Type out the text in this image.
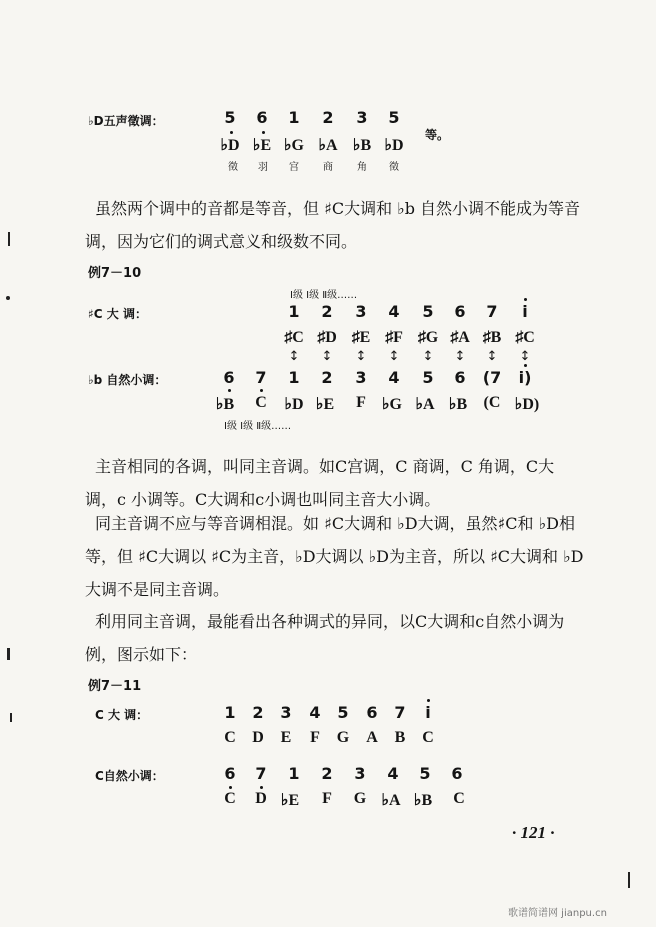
♭D五声徵调：	5	6	1	2	3	5
♭D ♭E ♭G ♭A ♭B ♭D
徵	羽	宫	商	角	徵
等。
虽然两个调中的音都是等音，但 ♯C大调和 ♭b 自然小调不能成为等音调，因为它们的调式意义和级数不同。
例7－10
Ⅰ级 Ⅰ级 Ⅱ级……
♯C 大 调：	1	2	3	4	5	6	7	i
♯C ♯D ♯E ♯F ♯G ♯A ♯B ♯C
↕	↕	↕	↕	↕	↕	↕	↕
♭b 自然小调：	6	7	1	2	3	4	5	6	(7	i)
♭B	C	♭D ♭E	F	♭G ♭A ♭B	(C ♭D)
Ⅰ级 Ⅰ级 Ⅱ级……
主音相同的各调，叫同主音调。如C宫调，C 商调，C 角调，C大调，c 小调等。C大调和c小调也叫同主音大小调。
同主音调不应与等音调相混。如 ♯C大调和 ♭D大调，虽然♯C和 ♭D相等，但 ♯C大调以 ♯C为主音，♭D大调以 ♭D为主音，所以 ♯C大调和 ♭D大调不是同主音调。
利用同主音调，最能看出各种调式的异同，以C大调和c自然小调为例，图示如下：
例7－11
C 大 调：	1	2	3	4	5	6	7	i
C	D	E	F	G	A	B	C
C自然小调：	6	7	1	2	3	4	5	6
C	D ♭E	F	G ♭A ♭B	C
· 121 ·
歌谱简谱网 jianpu.cn
